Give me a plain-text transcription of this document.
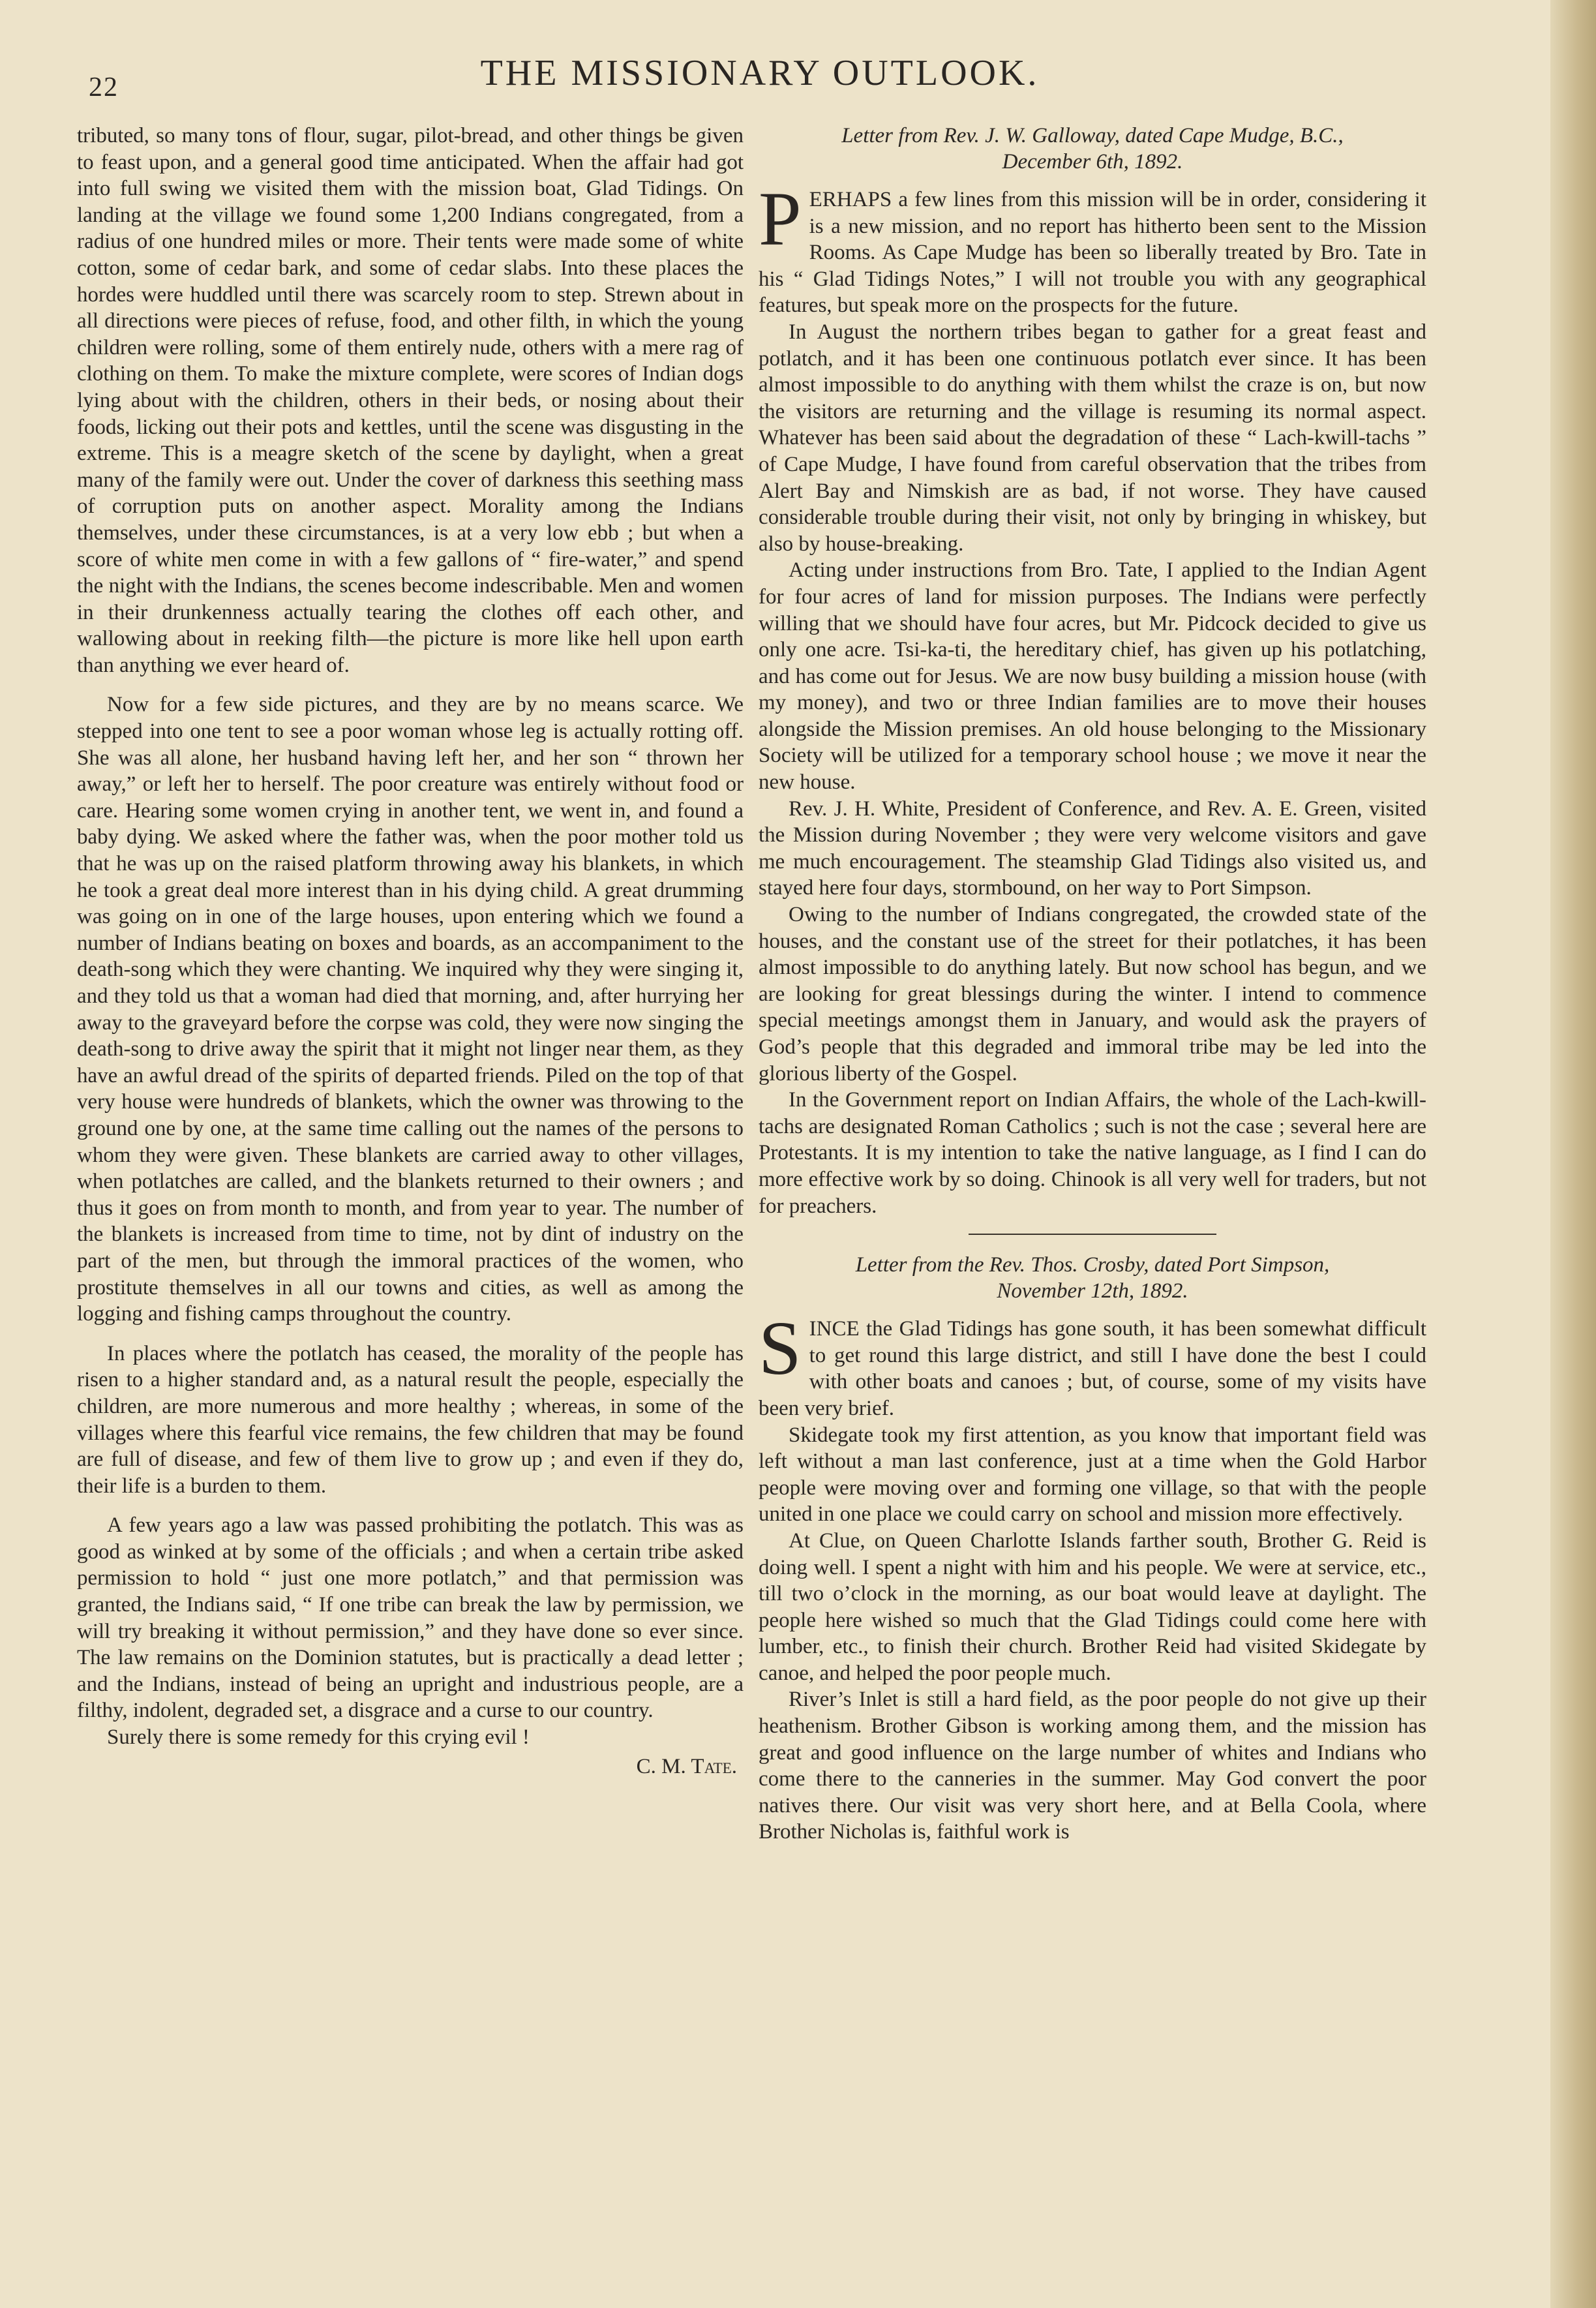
22	THE MISSIONARY OUTLOOK.

tributed, so many tons of flour, sugar, pilot-bread, and other things be given to feast upon, and a general good time anticipated. When the affair had got into full swing we visited them with the mission boat, Glad Tidings. On landing at the village we found some 1,200 Indians congregated, from a radius of one hundred miles or more. Their tents were made some of white cotton, some of cedar bark, and some of cedar slabs. Into these places the hordes were huddled until there was scarcely room to step. Strewn about in all directions were pieces of refuse, food, and other filth, in which the young children were rolling, some of them entirely nude, others with a mere rag of clothing on them. To make the mixture complete, were scores of Indian dogs lying about with the children, others in their beds, or nosing about their foods, licking out their pots and kettles, until the scene was disgusting in the extreme. This is a meagre sketch of the scene by daylight, when a great many of the family were out. Under the cover of darkness this seething mass of corruption puts on another aspect. Morality among the Indians themselves, under these circumstances, is at a very low ebb ; but when a score of white men come in with a few gallons of “ fire-water,” and spend the night with the Indians, the scenes become indescribable. Men and women in their drunkenness actually tearing the clothes off each other, and wallowing about in reeking filth—the picture is more like hell upon earth than anything we ever heard of.

Now for a few side pictures, and they are by no means scarce. We stepped into one tent to see a poor woman whose leg is actually rotting off. She was all alone, her husband having left her, and her son “ thrown her away,” or left her to herself. The poor creature was entirely without food or care. Hearing some women crying in another tent, we went in, and found a baby dying. We asked where the father was, when the poor mother told us that he was up on the raised platform throwing away his blankets, in which he took a great deal more interest than in his dying child. A great drumming was going on in one of the large houses, upon entering which we found a number of Indians beating on boxes and boards, as an accompaniment to the death-song which they were chanting. We inquired why they were singing it, and they told us that a woman had died that morning, and, after hurrying her away to the graveyard before the corpse was cold, they were now singing the death-song to drive away the spirit that it might not linger near them, as they have an awful dread of the spirits of departed friends. Piled on the top of that very house were hundreds of blankets, which the owner was throwing to the ground one by one, at the same time calling out the names of the persons to whom they were given. These blankets are carried away to other villages, when potlatches are called, and the blankets returned to their owners ; and thus it goes on from month to month, and from year to year. The number of the blankets is increased from time to time, not by dint of industry on the part of the men, but through the immoral practices of the women, who prostitute themselves in all our towns and cities, as well as among the logging and fishing camps throughout the country.

In places where the potlatch has ceased, the morality of the people has risen to a higher standard and, as a natural result the people, especially the children, are more numerous and more healthy ; whereas, in some of the villages where this fearful vice remains, the few children that may be found are full of disease, and few of them live to grow up ; and even if they do, their life is a burden to them.

A few years ago a law was passed prohibiting the potlatch. This was as good as winked at by some of the officials ; and when a certain tribe asked permission to hold “ just one more potlatch,” and that permission was granted, the Indians said, “ If one tribe can break the law by permission, we will try breaking it without permission,” and they have done so ever since. The law remains on the Dominion statutes, but is practically a dead letter ; and the Indians, instead of being an upright and industrious people, are a filthy, indolent, degraded set, a disgrace and a curse to our country.

Surely there is some remedy for this crying evil !

C. M. Tate.
Letter from Rev. J. W. Galloway, dated Cape Mudge, B.C.,
December 6th, 1892.

PERHAPS a few lines from this mission will be in order, considering it is a new mission, and no report has hitherto been sent to the Mission Rooms. As Cape Mudge has been so liberally treated by Bro. Tate in his “ Glad Tidings Notes,” I will not trouble you with any geographical features, but speak more on the prospects for the future.

In August the northern tribes began to gather for a great feast and potlatch, and it has been one continuous potlatch ever since. It has been almost impossible to do anything with them whilst the craze is on, but now the visitors are returning and the village is resuming its normal aspect. Whatever has been said about the degradation of these “ Lach-kwill-tachs ” of Cape Mudge, I have found from careful observation that the tribes from Alert Bay and Nimskish are as bad, if not worse. They have caused considerable trouble during their visit, not only by bringing in whiskey, but also by house-breaking.

Acting under instructions from Bro. Tate, I applied to the Indian Agent for four acres of land for mission purposes. The Indians were perfectly willing that we should have four acres, but Mr. Pidcock decided to give us only one acre. Tsi-ka-ti, the hereditary chief, has given up his potlatching, and has come out for Jesus. We are now busy building a mission house (with my money), and two or three Indian families are to move their houses alongside the Mission premises. An old house belonging to the Missionary Society will be utilized for a temporary school house ; we move it near the new house.

Rev. J. H. White, President of Conference, and Rev. A. E. Green, visited the Mission during November ; they were very welcome visitors and gave me much encouragement. The steamship Glad Tidings also visited us, and stayed here four days, stormbound, on her way to Port Simpson.

Owing to the number of Indians congregated, the crowded state of the houses, and the constant use of the street for their potlatches, it has been almost impossible to do anything lately. But now school has begun, and we are looking for great blessings during the winter. I intend to commence special meetings amongst them in January, and would ask the prayers of God’s people that this degraded and immoral tribe may be led into the glorious liberty of the Gospel.

In the Government report on Indian Affairs, the whole of the Lach-kwill-tachs are designated Roman Catholics ; such is not the case ; several here are Protestants. It is my intention to take the native language, as I find I can do more effective work by so doing. Chinook is all very well for traders, but not for preachers.

Letter from the Rev. Thos. Crosby, dated Port Simpson,
November 12th, 1892.

SINCE the Glad Tidings has gone south, it has been somewhat difficult to get round this large district, and still I have done the best I could with other boats and canoes ; but, of course, some of my visits have been very brief.

Skidegate took my first attention, as you know that important field was left without a man last conference, just at a time when the Gold Harbor people were moving over and forming one village, so that with the people united in one place we could carry on school and mission more effectively.

At Clue, on Queen Charlotte Islands farther south, Brother G. Reid is doing well. I spent a night with him and his people. We were at service, etc., till two o’clock in the morning, as our boat would leave at daylight. The people here wished so much that the Glad Tidings could come here with lumber, etc., to finish their church. Brother Reid had visited Skidegate by canoe, and helped the poor people much.

River’s Inlet is still a hard field, as the poor people do not give up their heathenism. Brother Gibson is working among them, and the mission has great and good influence on the large number of whites and Indians who come there to the canneries in the summer. May God convert the poor natives there. Our visit was very short here, and at Bella Coola, where Brother Nicholas is, faithful work is
